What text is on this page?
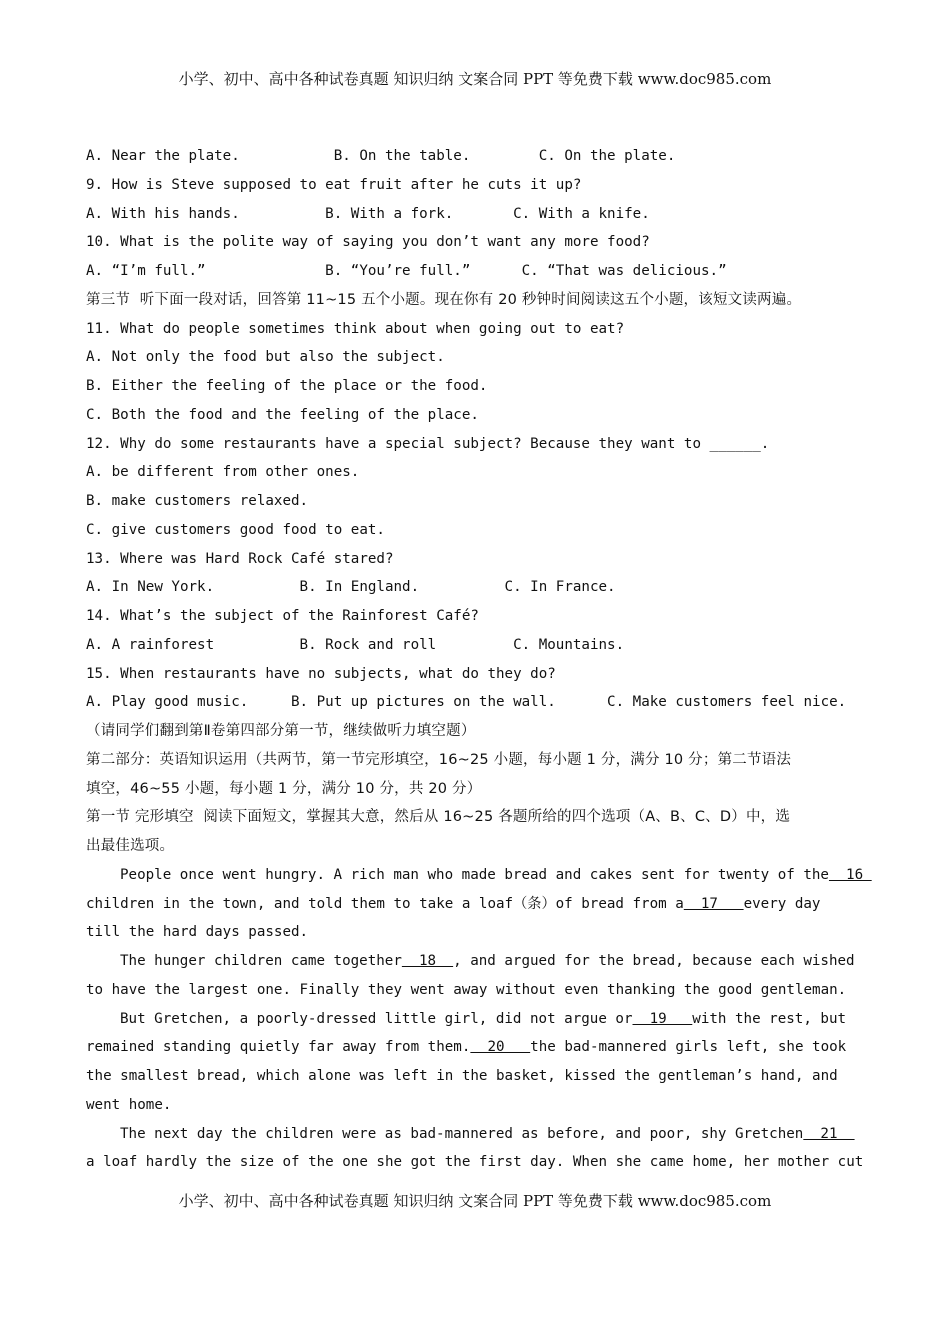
小学、初中、高中各种试卷真题 知识归纳 文案合同 PPT 等免费下载 www.doc985.com
A. Near the plate.           B. On the table.        C. On the plate.
9. How is Steve supposed to eat fruit after he cuts it up?
A. With his hands.          B. With a fork.       C. With a knife.
10. What is the polite way of saying you don’t want any more food?
A. “I’m full.”              B. “You’re full.”      C. “That was delicious.”
第三节  听下面一段对话，回答第 11~15 五个小题。现在你有 20 秒钟时间阅读这五个小题，该短文读两遍。
11. What do people sometimes think about when going out to eat?
A. Not only the food but also the subject.
B. Either the feeling of the place or the food.
C. Both the food and the feeling of the place.
12. Why do some restaurants have a special subject? Because they want to ______.
A. be different from other ones.
B. make customers relaxed.
C. give customers good food to eat.
13. Where was Hard Rock Café stared?
A. In New York.          B. In England.          C. In France.
14. What’s the subject of the Rainforest Café?
A. A rainforest          B. Rock and roll         C. Mountains.
15. When restaurants have no subjects, what do they do?
A. Play good music.     B. Put up pictures on the wall.      C. Make customers feel nice.
（请同学们翻到第Ⅱ卷第四部分第一节，继续做听力填空题）
第二部分：英语知识运用（共两节，第一节完形填空，16~25 小题，每小题 1 分，满分 10 分；第二节语法
填空，46~55 小题，每小题 1 分，满分 10 分，共 20 分）
第一节 完形填空  阅读下面短文，掌握其大意，然后从 16~25 各题所给的四个选项（A、B、C、D）中，选
出最佳选项。
People once went hungry. A rich man who made bread and cakes sent for twenty of the  16
children in the town, and told them to take a loaf（条）of bread from a  17   every day
till the hard days passed.
The hunger children came together  18  , and argued for the bread, because each wished
to have the largest one. Finally they went away without even thanking the good gentleman.
But Gretchen, a poorly-dressed little girl, did not argue or  19   with the rest, but
remained standing quietly far away from them.  20   the bad-mannered girls left, she took
the smallest bread, which alone was left in the basket, kissed the gentleman’s hand, and
went home.
The next day the children were as bad-mannered as before, and poor, shy Gretchen  21
a loaf hardly the size of the one she got the first day. When she came home, her mother cut
小学、初中、高中各种试卷真题 知识归纳 文案合同 PPT 等免费下载 www.doc985.com
